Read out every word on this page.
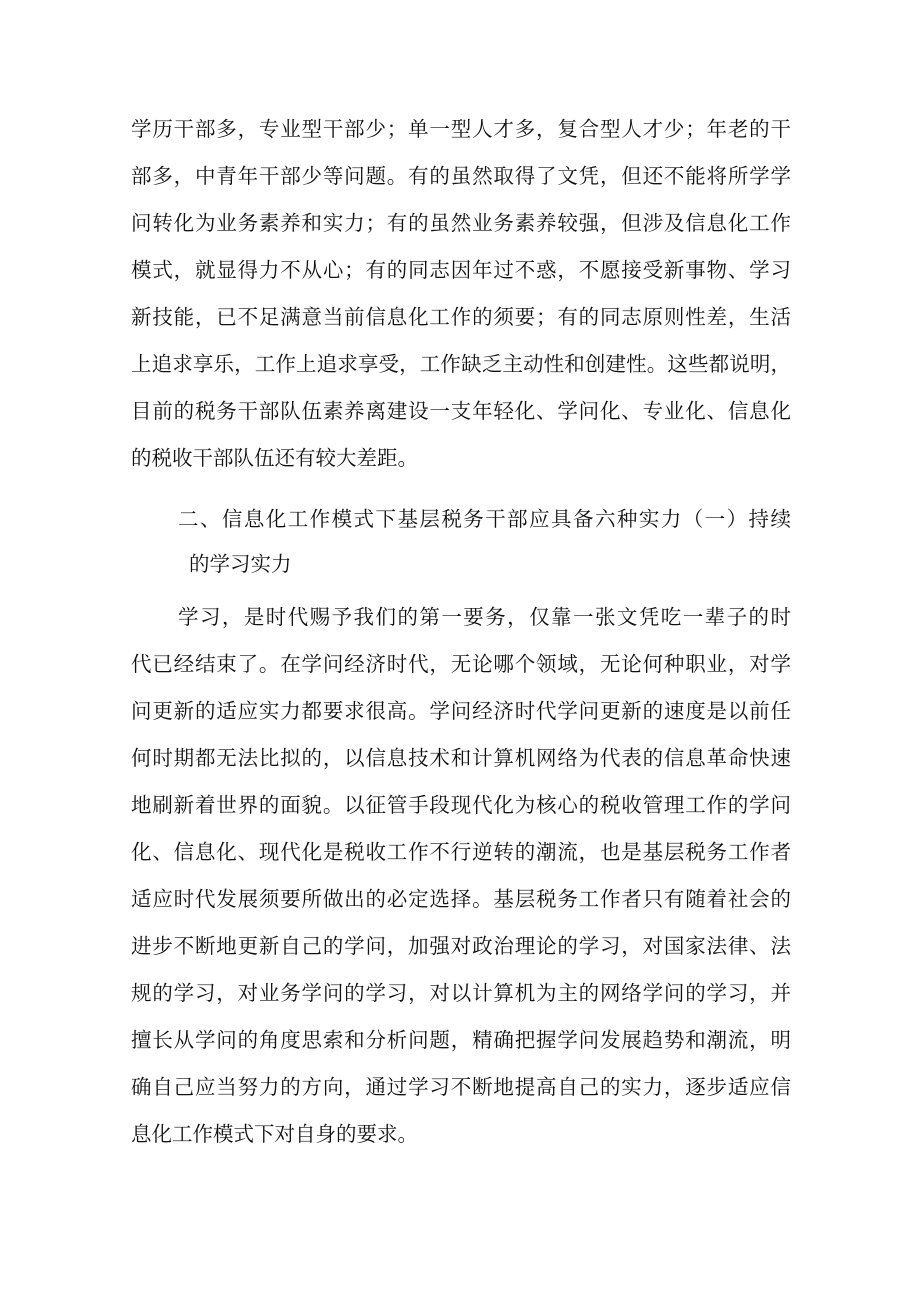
学历干部多，专业型干部少；单一型人才多，复合型人才少；年老的干
部多，中青年干部少等问题。有的虽然取得了文凭，但还不能将所学学
问转化为业务素养和实力；有的虽然业务素养较强，但涉及信息化工作
模式，就显得力不从心；有的同志因年过不惑，不愿接受新事物、学习
新技能，已不足满意当前信息化工作的须要；有的同志原则性差，生活
上追求享乐，工作上追求享受，工作缺乏主动性和创建性。这些都说明，
目前的税务干部队伍素养离建设一支年轻化、学问化、专业化、信息化
的税收干部队伍还有较大差距。
二、信息化工作模式下基层税务干部应具备六种实力（一）持续
的学习实力
学习，是时代赐予我们的第一要务，仅靠一张文凭吃一辈子的时
代已经结束了。在学问经济时代，无论哪个领域，无论何种职业，对学
问更新的适应实力都要求很高。学问经济时代学问更新的速度是以前任
何时期都无法比拟的，以信息技术和计算机网络为代表的信息革命快速
地刷新着世界的面貌。以征管手段现代化为核心的税收管理工作的学问
化、信息化、现代化是税收工作不行逆转的潮流，也是基层税务工作者
适应时代发展须要所做出的必定选择。基层税务工作者只有随着社会的
进步不断地更新自己的学问，加强对政治理论的学习，对国家法律、法
规的学习，对业务学问的学习，对以计算机为主的网络学问的学习，并
擅长从学问的角度思索和分析问题，精确把握学问发展趋势和潮流，明
确自己应当努力的方向，通过学习不断地提高自己的实力，逐步适应信
息化工作模式下对自身的要求。
